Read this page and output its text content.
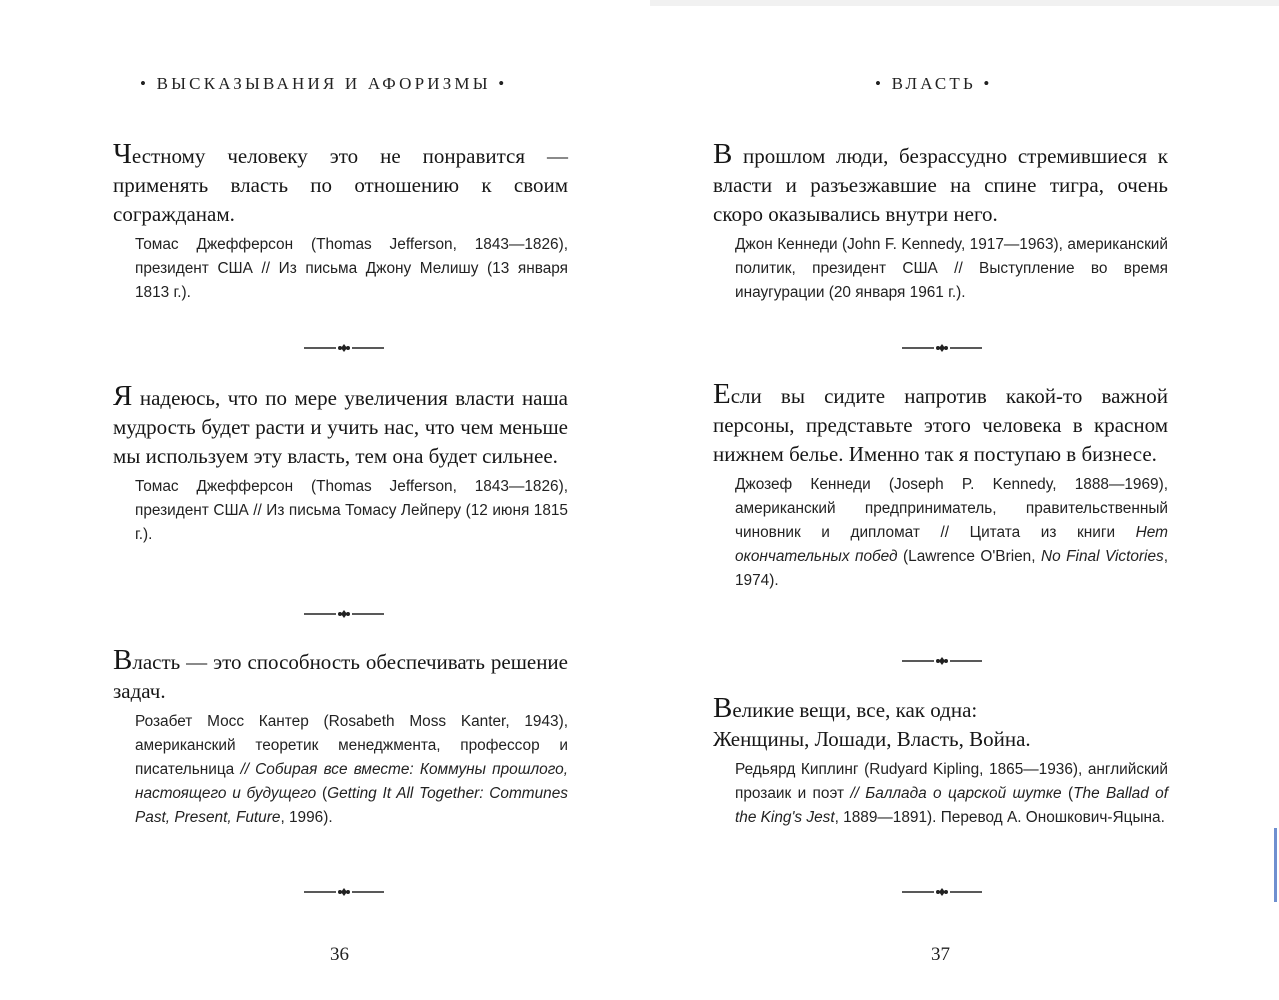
• ВЫСКАЗЫВАНИЯ И АФОРИЗМЫ •

Честному человеку это не понравится — применять власть по отношению к своим согражданам.

Томас Джефферсон (Thomas Jefferson, 1843—1826), президент США // Из письма Джону Мелишу (13 января 1813 г.).

Я надеюсь, что по мере увеличения власти наша мудрость будет расти и учить нас, что чем меньше мы используем эту власть, тем она будет сильнее.

Томас Джефферсон (Thomas Jefferson, 1843—1826), президент США // Из письма Томасу Лейперу (12 июня 1815 г.).

Власть — это способность обеспечивать решение задач.

Розабет Мосс Кантер (Rosabeth Moss Kanter, 1943), американский теоретик менеджмента, профессор и писательница // Собирая все вместе: Коммуны прошлого, настоящего и будущего (Getting It All Together: Communes Past, Present, Future, 1996).

36
• ВЛАСТЬ •

В прошлом люди, безрассудно стремившиеся к власти и разъезжавшие на спине тигра, очень скоро оказывались внутри него.

Джон Кеннеди (John F. Kennedy, 1917—1963), американский политик, президент США // Выступление во время инаугурации (20 января 1961 г.).

Если вы сидите напротив какой-то важной персоны, представьте этого человека в красном нижнем белье. Именно так я поступаю в бизнесе.

Джозеф Кеннеди (Joseph P. Kennedy, 1888—1969), американский предприниматель, правительственный чиновник и дипломат // Цитата из книги Нет окончательных побед (Lawrence O'Brien, No Final Victories, 1974).

Великие вещи, все, как одна:
Женщины, Лошади, Власть, Война.

Редьярд Киплинг (Rudyard Kipling, 1865—1936), английский прозаик и поэт // Баллада о царской шутке (The Ballad of the King's Jest, 1889—1891). Перевод А. Оношкович-Яцына.

37
